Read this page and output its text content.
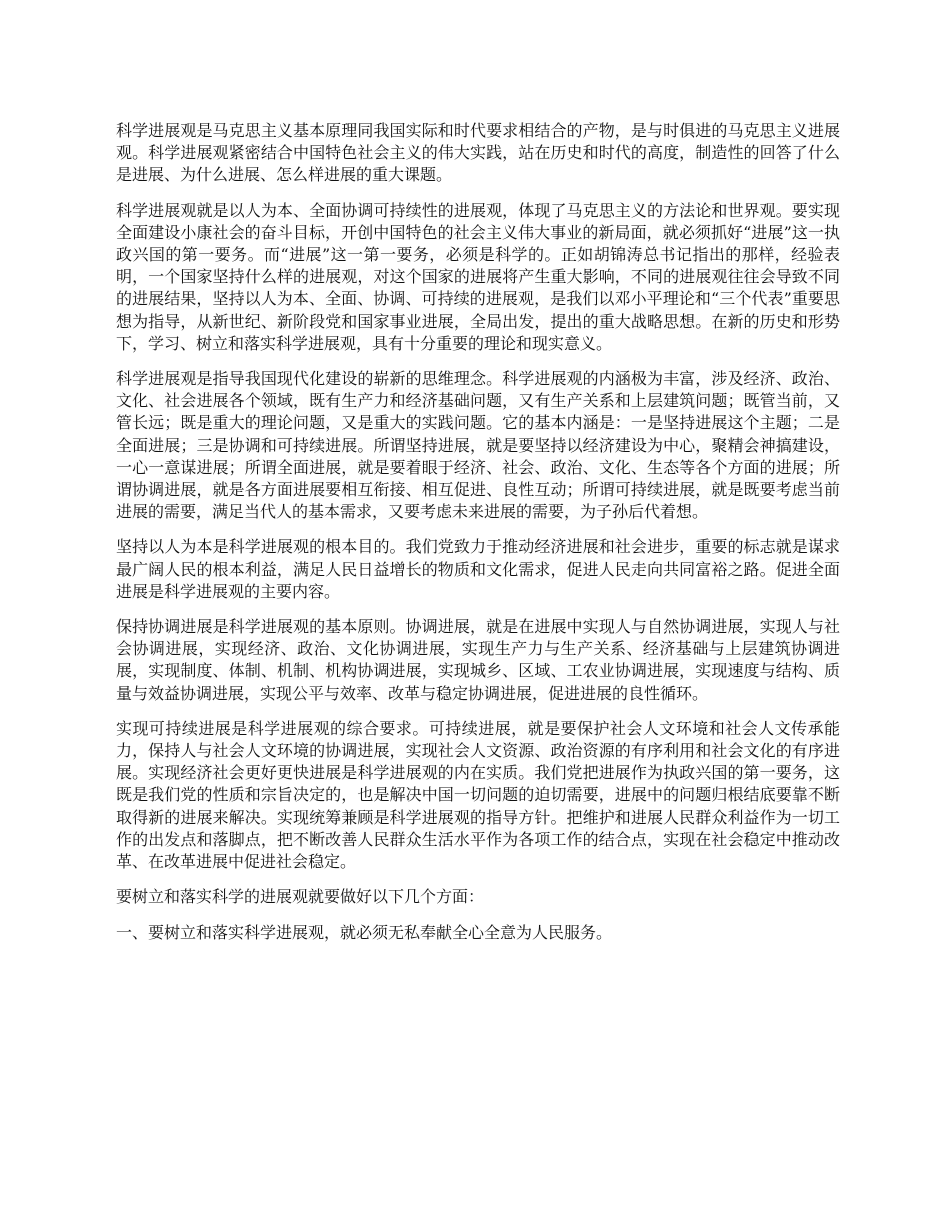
科学进展观是马克思主义基本原理同我国实际和时代要求相结合的产物，是与时俱进的马克思主义进展观。科学进展观紧密结合中国特色社会主义的伟大实践，站在历史和时代的高度，制造性的回答了什么是进展、为什么进展、怎么样进展的重大课题。

科学进展观就是以人为本、全面协调可持续性的进展观，体现了马克思主义的方法论和世界观。要实现全面建设小康社会的奋斗目标，开创中国特色的社会主义伟大事业的新局面，就必须抓好“进展”这一执政兴国的第一要务。而“进展”这一第一要务，必须是科学的。正如胡锦涛总书记指出的那样，经验表明，一个国家坚持什么样的进展观，对这个国家的进展将产生重大影响，不同的进展观往往会导致不同的进展结果，坚持以人为本、全面、协调、可持续的进展观，是我们以邓小平理论和“三个代表”重要思想为指导，从新世纪、新阶段党和国家事业进展，全局出发，提出的重大战略思想。在新的历史和形势下，学习、树立和落实科学进展观，具有十分重要的理论和现实意义。

科学进展观是指导我国现代化建设的崭新的思维理念。科学进展观的内涵极为丰富，涉及经济、政治、文化、社会进展各个领域，既有生产力和经济基础问题，又有生产关系和上层建筑问题；既管当前，又管长远；既是重大的理论问题，又是重大的实践问题。它的基本内涵是：一是坚持进展这个主题；二是全面进展；三是协调和可持续进展。所谓坚持进展，就是要坚持以经济建设为中心，聚精会神搞建设，一心一意谋进展；所谓全面进展，就是要着眼于经济、社会、政治、文化、生态等各个方面的进展；所谓协调进展，就是各方面进展要相互衔接、相互促进、良性互动；所谓可持续进展，就是既要考虑当前进展的需要，满足当代人的基本需求，又要考虑未来进展的需要，为子孙后代着想。

坚持以人为本是科学进展观的根本目的。我们党致力于推动经济进展和社会进步，重要的标志就是谋求最广阔人民的根本利益，满足人民日益增长的物质和文化需求，促进人民走向共同富裕之路。促进全面进展是科学进展观的主要内容。

保持协调进展是科学进展观的基本原则。协调进展，就是在进展中实现人与自然协调进展，实现人与社会协调进展，实现经济、政治、文化协调进展，实现生产力与生产关系、经济基础与上层建筑协调进展，实现制度、体制、机制、机构协调进展，实现城乡、区域、工农业协调进展，实现速度与结构、质量与效益协调进展，实现公平与效率、改革与稳定协调进展，促进进展的良性循环。

实现可持续进展是科学进展观的综合要求。可持续进展，就是要保护社会人文环境和社会人文传承能力，保持人与社会人文环境的协调进展，实现社会人文资源、政治资源的有序利用和社会文化的有序进展。实现经济社会更好更快进展是科学进展观的内在实质。我们党把进展作为执政兴国的第一要务，这既是我们党的性质和宗旨决定的，也是解决中国一切问题的迫切需要，进展中的问题归根结底要靠不断取得新的进展来解决。实现统筹兼顾是科学进展观的指导方针。把维护和进展人民群众利益作为一切工作的出发点和落脚点，把不断改善人民群众生活水平作为各项工作的结合点，实现在社会稳定中推动改革、在改革进展中促进社会稳定。

要树立和落实科学的进展观就要做好以下几个方面：

一、要树立和落实科学进展观，就必须无私奉献全心全意为人民服务。
